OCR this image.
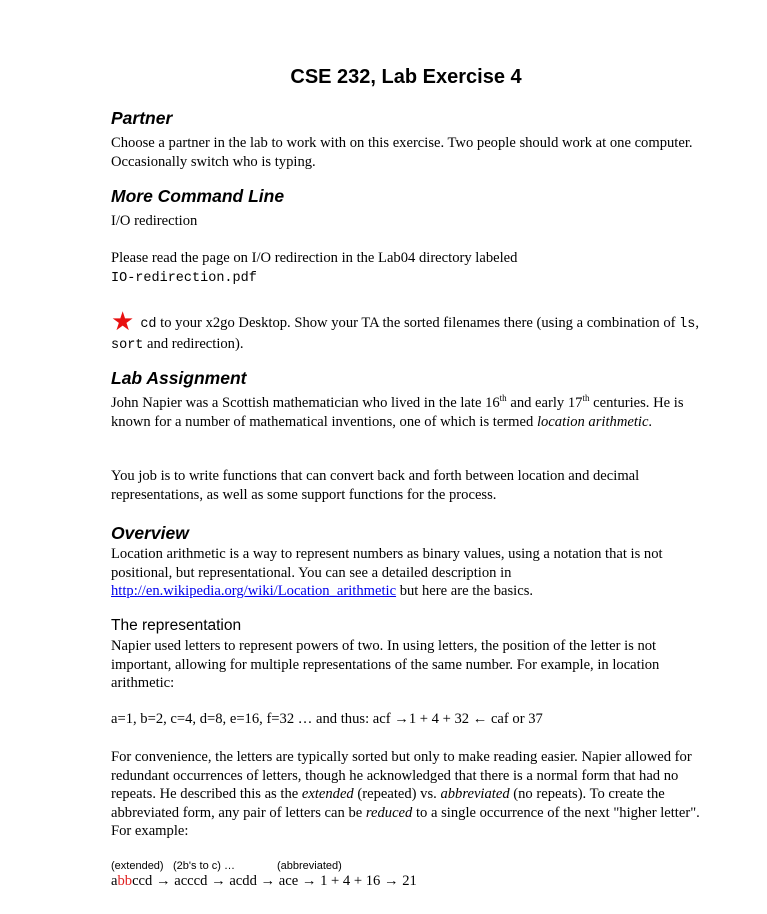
CSE 232, Lab Exercise 4
Partner

Choose a partner in the lab to work with on this exercise. Two people should work at one computer. Occasionally switch who is typing.

More Command Line

I/O redirection

Please read the page on I/O redirection in the Lab04 directory labeled
IO-redirection.pdf

★ cd to your x2go Desktop. Show your TA the sorted filenames there (using a combination of ls, sort and redirection).

Lab Assignment

John Napier was a Scottish mathematician who lived in the late 16th and early 17th centuries. He is known for a number of mathematical inventions, one of which is termed location arithmetic.

You job is to write functions that can convert back and forth between location and decimal representations, as well as some support functions for the process.

Overview

Location arithmetic is a way to represent numbers as binary values, using a notation that is not positional, but representational. You can see a detailed description in http://en.wikipedia.org/wiki/Location_arithmetic but here are the basics.

The representation

Napier used letters to represent powers of two. In using letters, the position of the letter is not important, allowing for multiple representations of the same number. For example, in location arithmetic:

a=1, b=2, c=4, d=8, e=16, f=32 … and thus: acf →1 + 4 + 32 ← caf or 37

For convenience, the letters are typically sorted but only to make reading easier. Napier allowed for redundant occurrences of letters, though he acknowledged that there is a normal form that had no repeats. He described this as the extended (repeated) vs. abbreviated (no repeats). To create the abbreviated form, any pair of letters can be reduced to a single occurrence of the next "higher letter". For example:

(extended) (2b's to c) …	(abbreviated)

abbccd → acccd → acdd → ace → 1 + 4 + 16 → 21
